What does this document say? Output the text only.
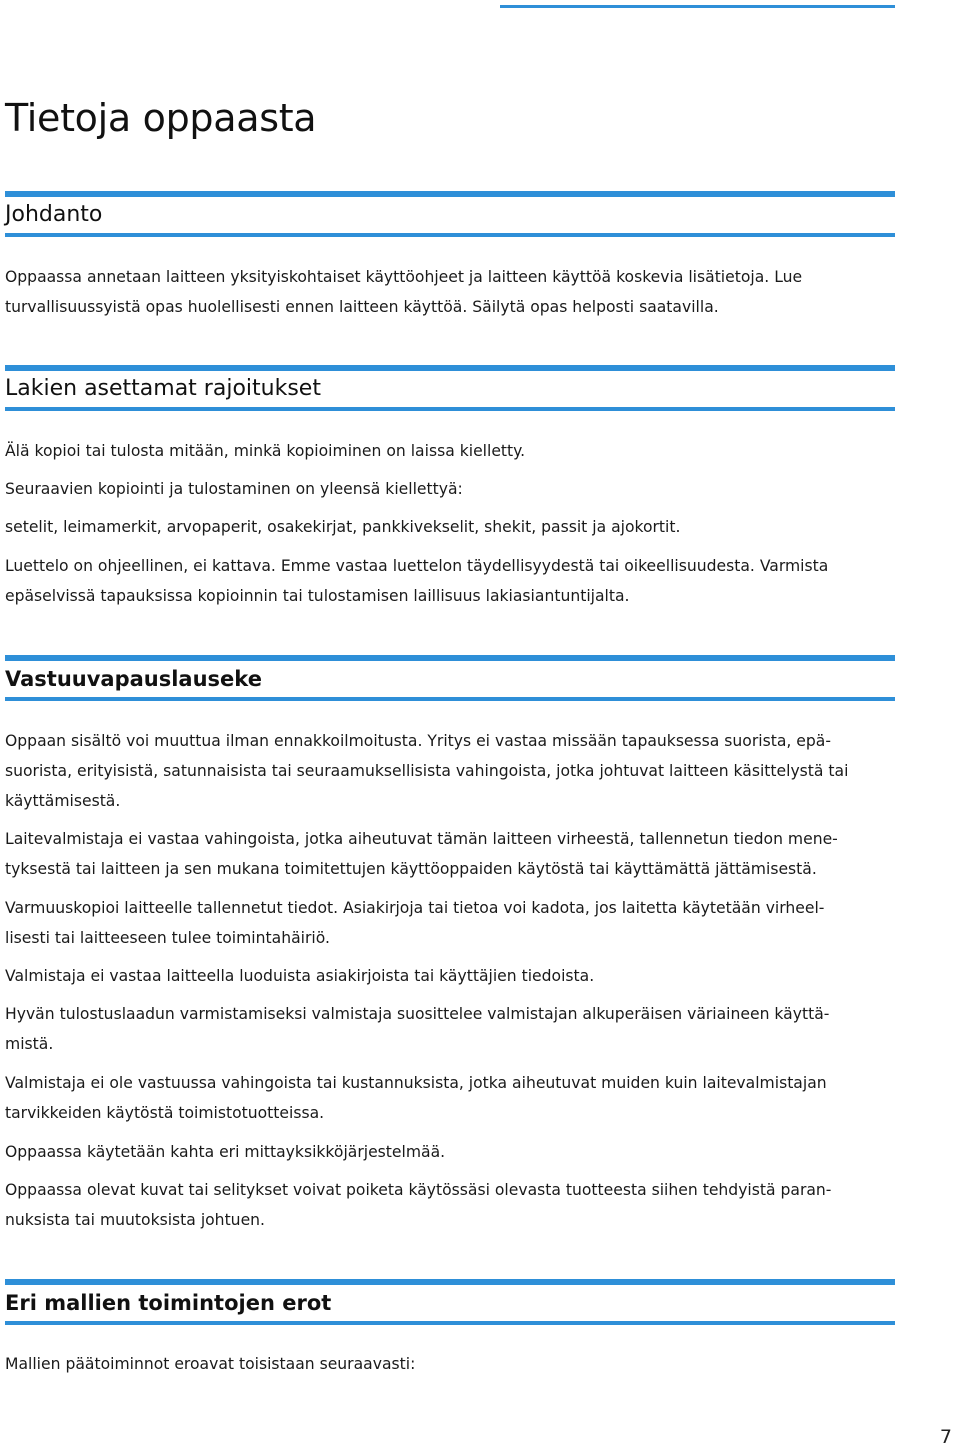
Tietoja oppaasta
Johdanto

Oppaassa annetaan laitteen yksityiskohtaiset käyttöohjeet ja laitteen käyttöä koskevia lisätietoja. Lue
turvallisuussyistä opas huolellisesti ennen laitteen käyttöä. Säilytä opas helposti saatavilla.

Lakien asettamat rajoitukset

Älä kopioi tai tulosta mitään, minkä kopioiminen on laissa kielletty.

Seuraavien kopiointi ja tulostaminen on yleensä kiellettyä:

setelit, leimamerkit, arvopaperit, osakekirjat, pankkivekselit, shekit, passit ja ajokortit.

Luettelo on ohjeellinen, ei kattava. Emme vastaa luettelon täydellisyydestä tai oikeellisuudesta. Varmista
epäselvissä tapauksissa kopioinnin tai tulostamisen laillisuus lakiasiantuntijalta.

Vastuuvapauslauseke

Oppaan sisältö voi muuttua ilman ennakkoilmoitusta. Yritys ei vastaa missään tapauksessa suorista, epä-
suorista, erityisistä, satunnaisista tai seuraamuksellisista vahingoista, jotka johtuvat laitteen käsittelystä tai
käyttämisestä.

Laitevalmistaja ei vastaa vahingoista, jotka aiheutuvat tämän laitteen virheestä, tallennetun tiedon mene-
tyksestä tai laitteen ja sen mukana toimitettujen käyttöoppaiden käytöstä tai käyttämättä jättämisestä.

Varmuuskopioi laitteelle tallennetut tiedot. Asiakirjoja tai tietoa voi kadota, jos laitetta käytetään virheel-
lisesti tai laitteeseen tulee toimintahäiriö.

Valmistaja ei vastaa laitteella luoduista asiakirjoista tai käyttäjien tiedoista.

Hyvän tulostuslaadun varmistamiseksi valmistaja suosittelee valmistajan alkuperäisen väriaineen käyttä-
mistä.

Valmistaja ei ole vastuussa vahingoista tai kustannuksista, jotka aiheutuvat muiden kuin laitevalmistajan
tarvikkeiden käytöstä toimistotuotteissa.

Oppaassa käytetään kahta eri mittayksikköjärjestelmää.

Oppaassa olevat kuvat tai selitykset voivat poiketa käytössäsi olevasta tuotteesta siihen tehdyistä paran-
nuksista tai muutoksista johtuen.

Eri mallien toimintojen erot

Mallien päätoiminnot eroavat toisistaan seuraavasti:

7
